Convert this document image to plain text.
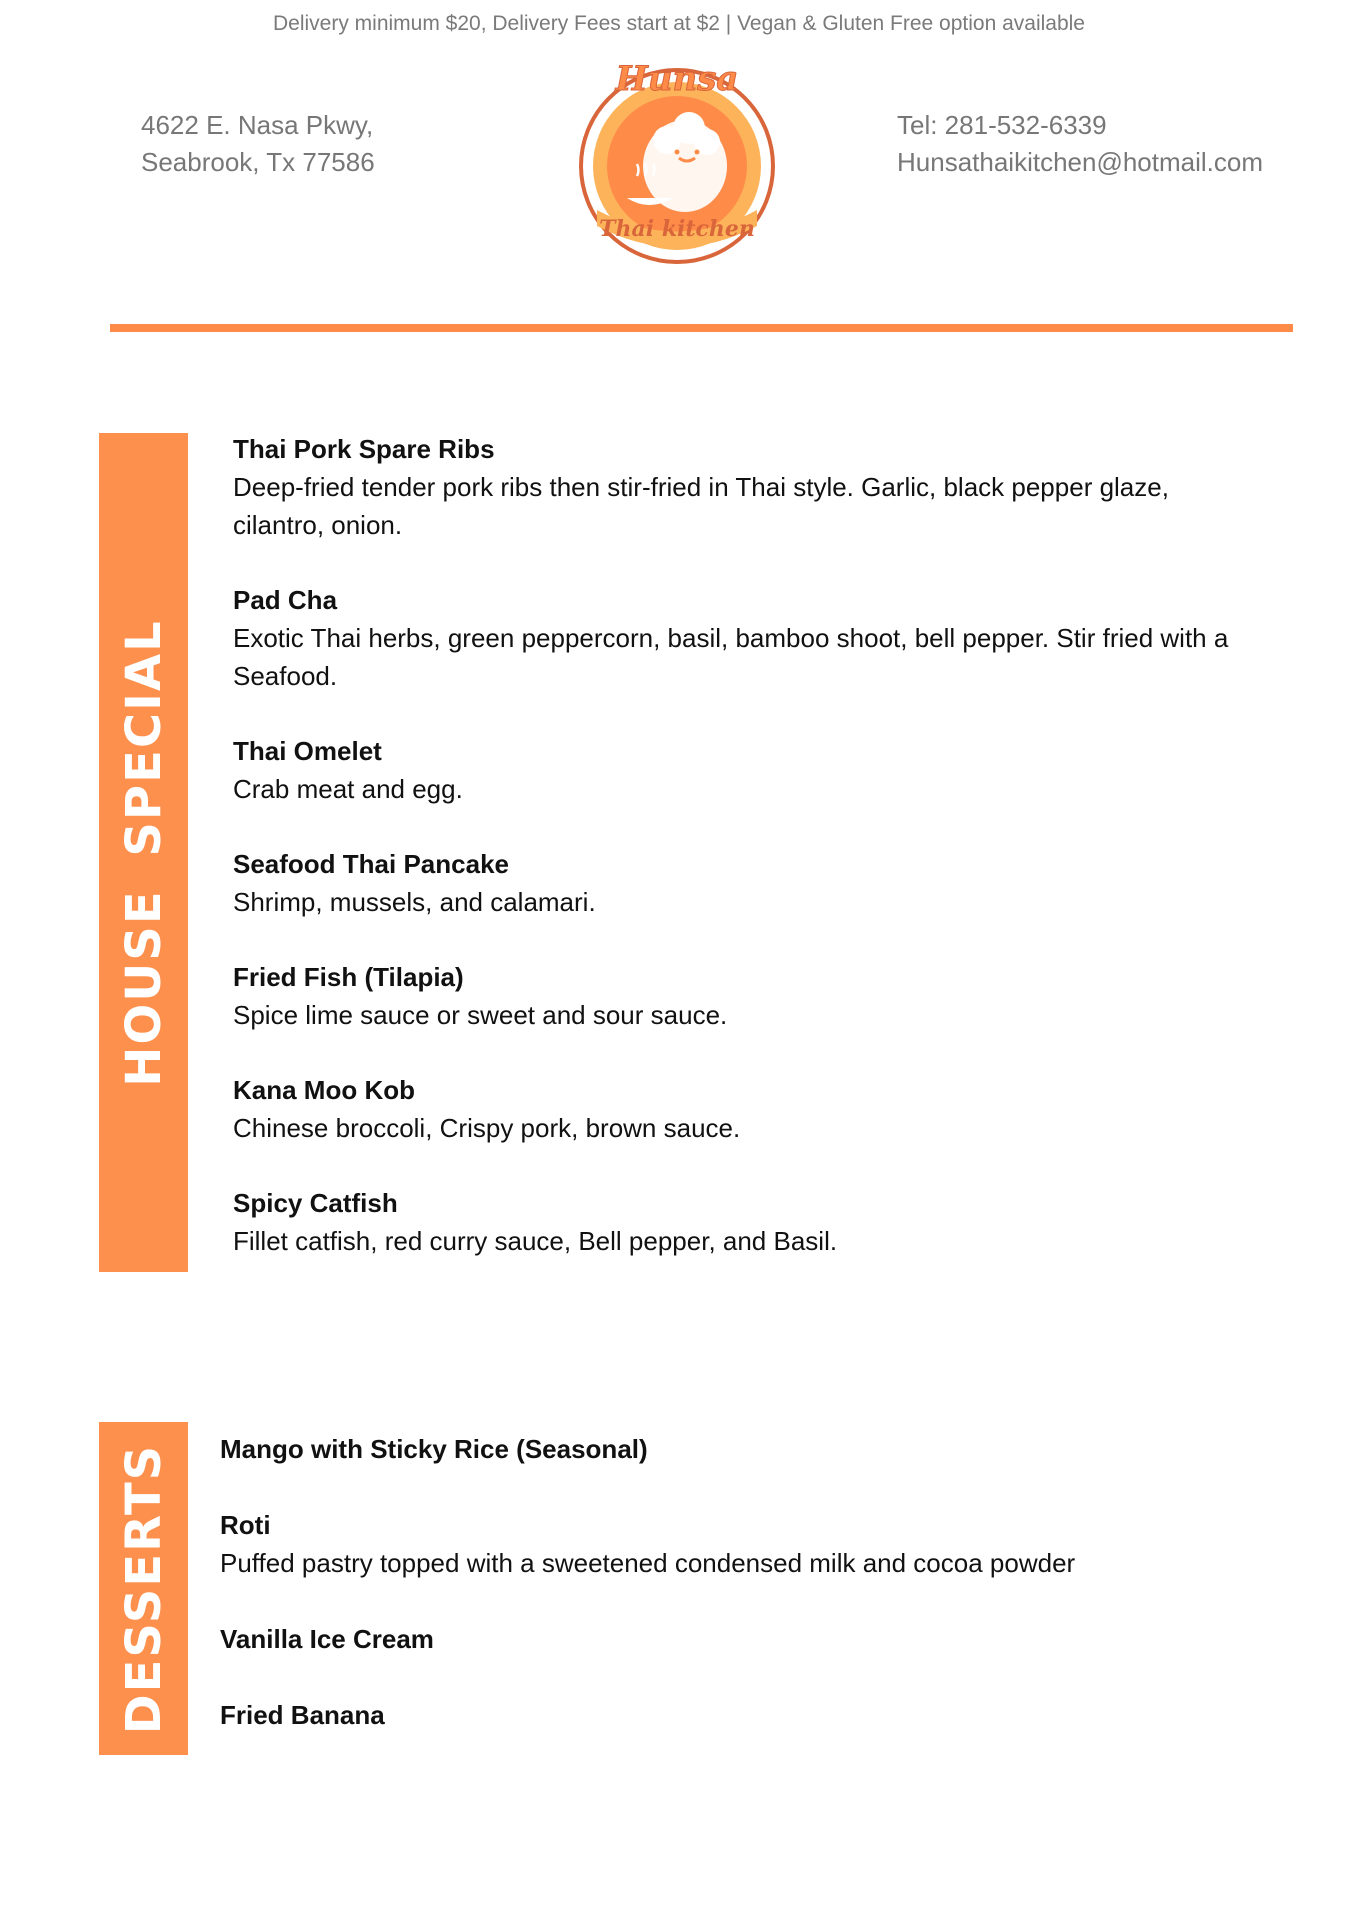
Delivery minimum $20, Delivery Fees start at $2 | Vegan & Gluten Free option available
4622 E. Nasa Pkwy,
Seabrook, Tx 77586
Hunsa
Thai kitchen
Tel: 281-532-6339
Hunsathaikitchen@hotmail.com
HOUSE SPECIAL
Thai Pork Spare Ribs
Deep-fried tender pork ribs then stir-fried in Thai style. Garlic, black pepper glaze, cilantro, onion.
Pad Cha
Exotic Thai herbs, green peppercorn, basil, bamboo shoot, bell pepper. Stir fried with a Seafood.
Thai Omelet
Crab meat and egg.
Seafood Thai Pancake
Shrimp, mussels, and calamari.
Fried Fish (Tilapia)
Spice lime sauce or sweet and sour sauce.
Kana Moo Kob
Chinese broccoli, Crispy pork, brown sauce.
Spicy Catfish
Fillet catfish, red curry sauce, Bell pepper, and Basil.
DESSERTS Mango with Sticky Rice (Seasonal)
Roti
Puffed pastry topped with a sweetened condensed milk and cocoa powder
Vanilla Ice Cream
Fried Banana
